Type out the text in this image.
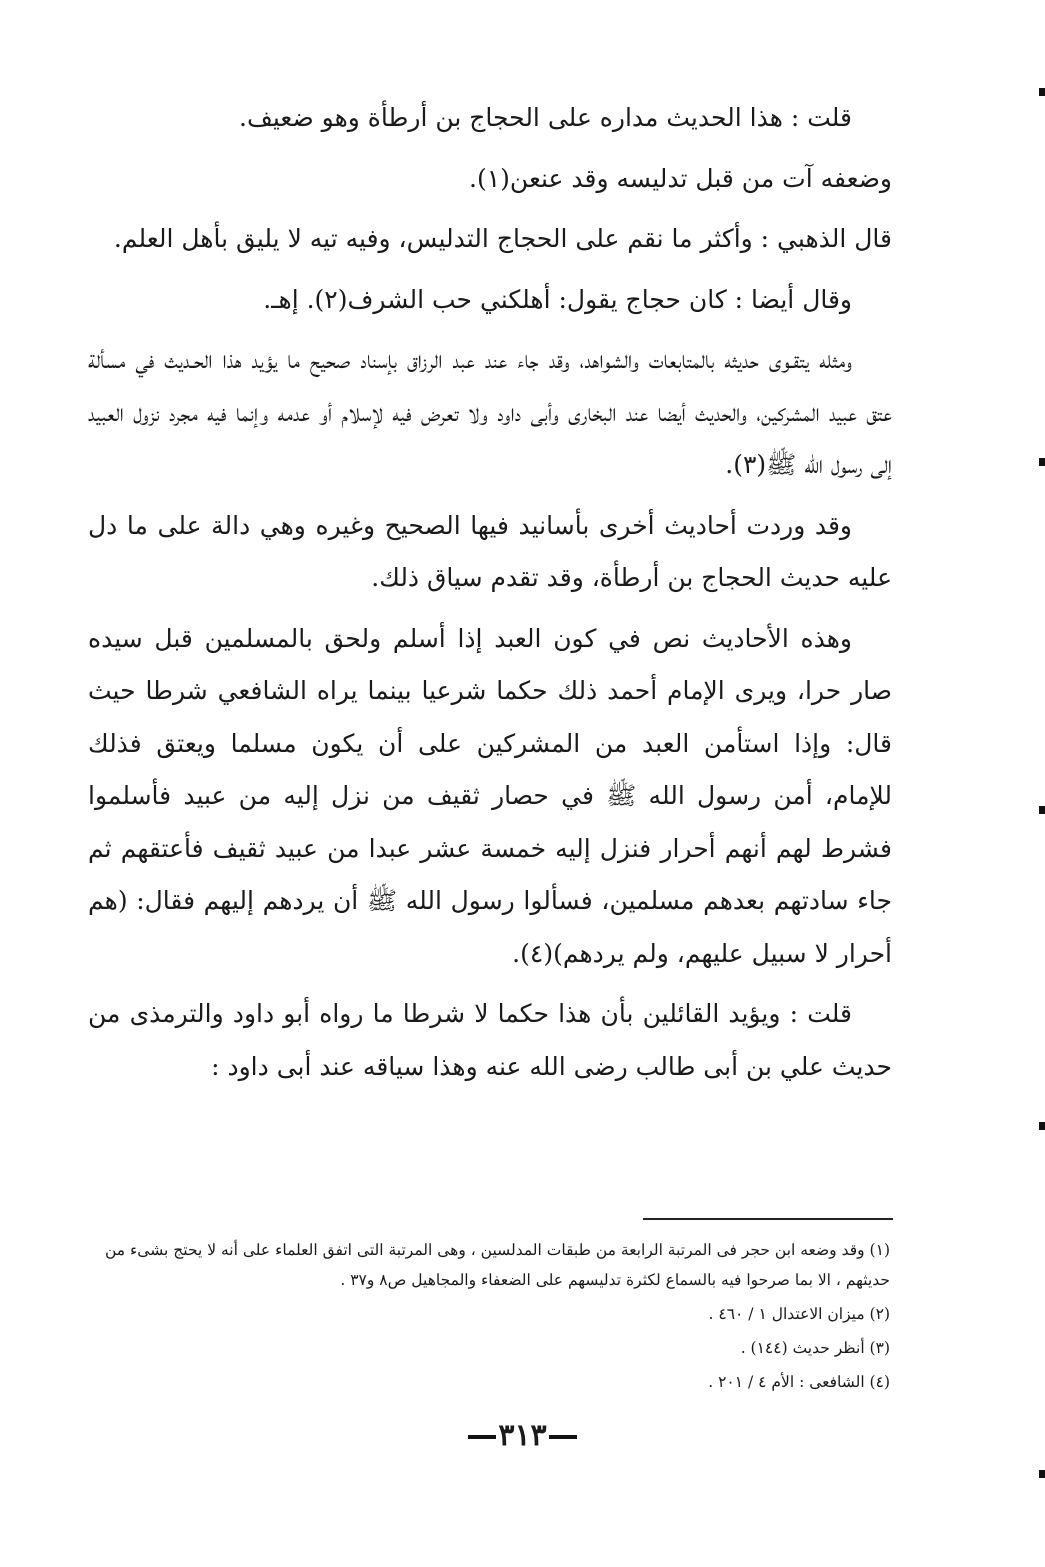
قلت : هذا الحديث مداره على الحجاج بن أرطأة وهو ضعيف.

وضعفه آت من قبل تدليسه وقد عنعن(١).

قال الذهبي : وأكثر ما نقم على الحجاج التدليس، وفيه تيه لا يليق بأهل العلم.

وقال أيضا : كان حجاج يقول: أهلكني حب الشرف(٢). إهـ.

ومثله يتقـوى حديثه بالمتابعات والشواهد، وقد جاء عند عبد الرزاق بإسناد صحيح ما يؤيد هذا الحـديث في مسألة عتق عبيد المشركين، والحديث أيضا عند البخارى وأبى داود ولا تعرض فيه لإسلام أو عدمه وإنما فيه مجرد نزول العبيد إلى رسول الله ﷺ(٣).

وقد وردت أحاديث أخرى بأسانيد فيها الصحيح وغيره وهي دالة على ما دل عليه حديث الحجاج بن أرطأة، وقد تقدم سياق ذلك.

وهذه الأحاديث نص في كون العبد إذا أسلم ولحق بالمسلمين قبل سيده صار حرا، ويرى الإمام أحمد ذلك حكما شرعيا بينما يراه الشافعي شرطا حيث قال: وإذا استأمن العبد من المشركين على أن يكون مسلما ويعتق فذلك للإمام، أمن رسول الله ﷺ في حصار ثقيف من نزل إليه من عبيد فأسلموا فشرط لهم أنهم أحرار فنزل إليه خمسة عشر عبدا من عبيد ثقيف فأعتقهم ثم جاء سادتهم بعدهم مسلمين، فسألوا رسول الله ﷺ أن يردهم إليهم فقال: (هم أحرار لا سبيل عليهم، ولم يردهم)(٤).

قلت : ويؤيد القائلين بأن هذا حكما لا شرطا ما رواه أبو داود والترمذى من حديث علي بن أبى طالب رضى الله عنه وهذا سياقه عند أبى داود :

(١) وقد وضعه ابن حجر فى المرتبة الرابعة من طبقات المدلسين ، وهى المرتبة التى اتفق العلماء على أنه لا يحتج بشىء من حديثهم ، الا بما صرحوا فيه بالسماع لكثرة تدليسهم على الضعفاء والمجاهيل ص٨ و٣٧ .

(٢) ميزان الاعتدال ١ / ٤٦٠ .

(٣) أنظر حديث (١٤٤) .

(٤) الشافعى : الأم ٤ / ٢٠١ .

٣١٣
